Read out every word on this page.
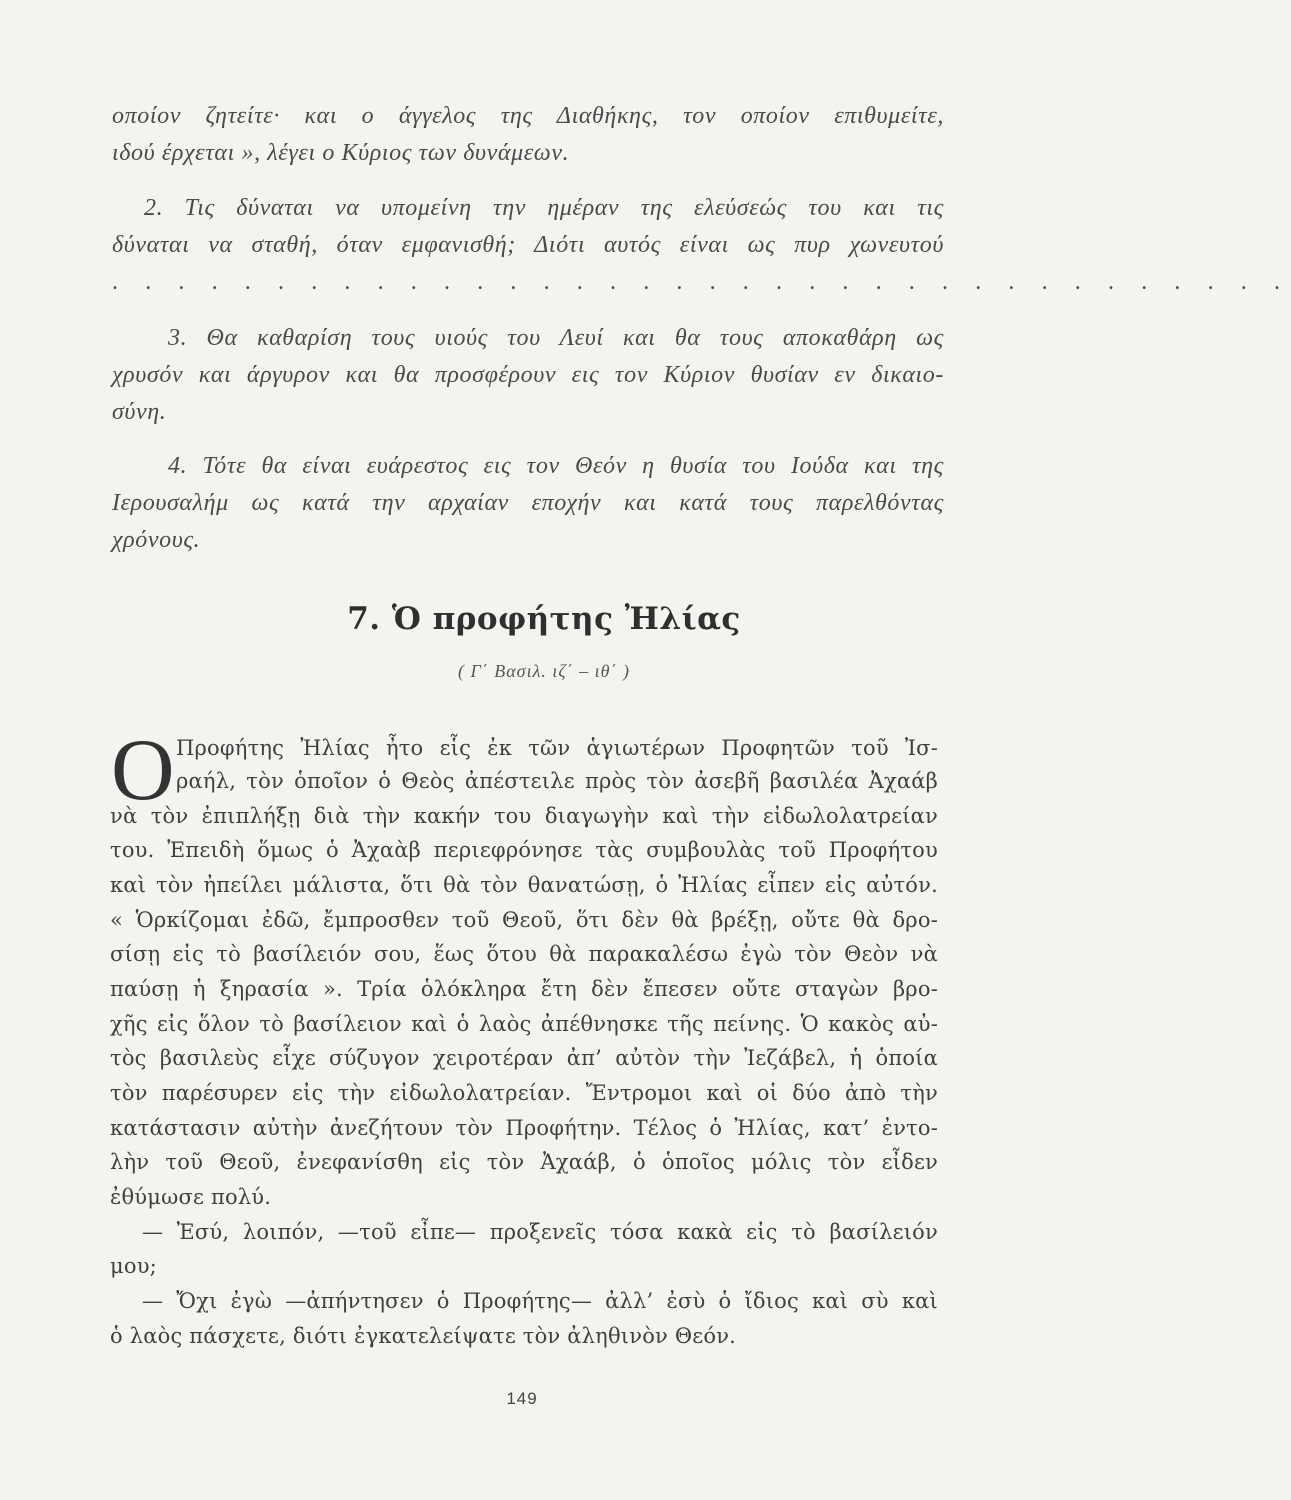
οποίον ζητείτε· και ο άγγελος της Διαθήκης, τον οποίον επιθυμείτε,
ιδού έρχεται », λέγει ο Κύριος των δυνάμεων.
2. Τις δύναται να υπομείνη την ημέραν της ελεύσεώς του και τις
δύναται να σταθή, όταν εμφανισθή; Διότι αυτός είναι ως πυρ χωνευτού
. . . . . . . . . . . . . . . . . . . . . . . . . . . . . . . . . . . .
3. Θα καθαρίση τους υιούς του Λευί και θα τους αποκαθάρη ως
χρυσόν και άργυρον και θα προσφέρουν εις τον Κύριον θυσίαν εν δικαιο-
σύνη.
4. Τότε θα είναι ευάρεστος εις τον Θεόν η θυσία του Ιούδα και της
Ιερουσαλήμ ως κατά την αρχαίαν εποχήν και κατά τους παρελθόντας
χρόνους.
7. Ὁ προφήτης Ἠλίας
( Γ΄ Βασιλ. ιζ΄ – ιθ΄ )
Ο Προφήτης Ἠλίας ἦτο εἷς ἐκ τῶν ἁγιωτέρων Προφητῶν τοῦ Ἰσ-
ραήλ, τὸν ὁποῖον ὁ Θεὸς ἀπέστειλε πρὸς τὸν ἀσεβῆ βασιλέα Ἀχαάβ
νὰ τὸν ἐπιπλήξῃ διὰ τὴν κακήν του διαγωγὴν καὶ τὴν εἰδωλολατρείαν
του. Ἐπειδὴ ὅμως ὁ Ἀχαὰβ περιεφρόνησε τὰς συμβουλὰς τοῦ Προφήτου
καὶ τὸν ἠπείλει μάλιστα, ὅτι θὰ τὸν θανατώσῃ, ὁ Ἠλίας εἶπεν εἰς αὐτόν.
« Ὁρκίζομαι ἐδῶ, ἔμπροσθεν τοῦ Θεοῦ, ὅτι δὲν θὰ βρέξῃ, οὔτε θὰ δρο-
σίσῃ εἰς τὸ βασίλειόν σου, ἕως ὅτου θὰ παρακαλέσω ἐγὼ τὸν Θεὸν νὰ
παύσῃ ἡ ξηρασία ». Τρία ὁλόκληρα ἔτη δὲν ἔπεσεν οὔτε σταγὼν βρο-
χῆς εἰς ὅλον τὸ βασίλειον καὶ ὁ λαὸς ἀπέθνησκε τῆς πείνης. Ὁ κακὸς αὐ-
τὸς βασιλεὺς εἶχε σύζυγον χειροτέραν ἀπ’ αὐτὸν τὴν Ἰεζάβελ, ἡ ὁποία
τὸν παρέσυρεν εἰς τὴν εἰδωλολατρείαν. Ἔντρομοι καὶ οἱ δύο ἀπὸ τὴν
κατάστασιν αὐτὴν ἀνεζήτουν τὸν Προφήτην. Τέλος ὁ Ἠλίας, κατ’ ἐντο-
λὴν τοῦ Θεοῦ, ἐνεφανίσθη εἰς τὸν Ἀχαάβ, ὁ ὁποῖος μόλις τὸν εἶδεν
ἐθύμωσε πολύ.
— Ἐσύ, λοιπόν, —τοῦ εἶπε— προξενεῖς τόσα κακὰ εἰς τὸ βασίλειόν
μου;
— Ὄχι ἐγὼ —ἀπήντησεν ὁ Προφήτης— ἀλλ’ ἐσὺ ὁ ἴδιος καὶ σὺ καὶ
ὁ λαὸς πάσχετε, διότι ἐγκατελείψατε τὸν ἀληθινὸν Θεόν.
149
